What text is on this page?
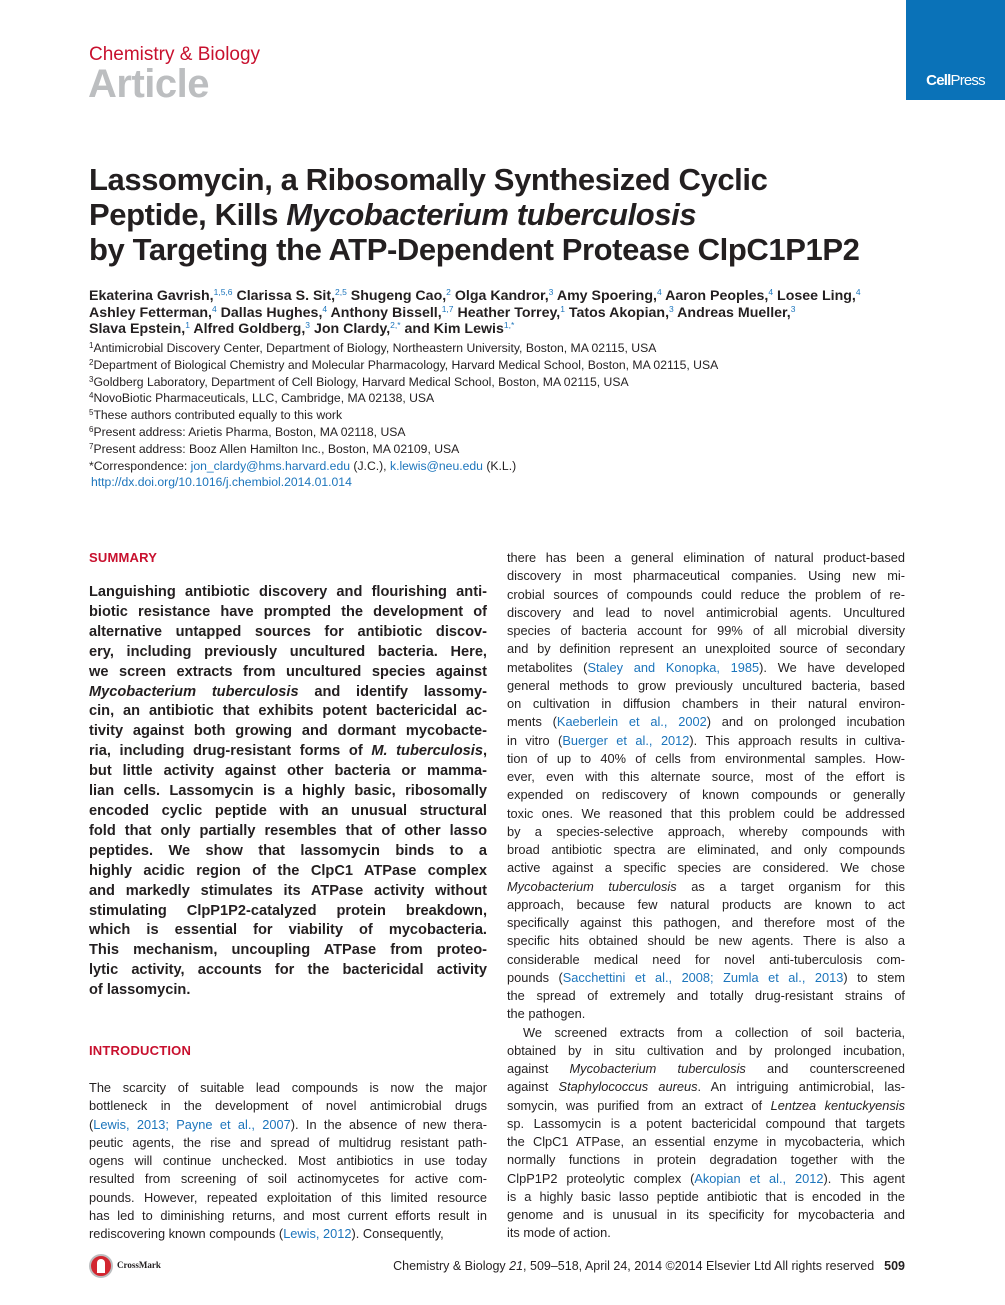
Chemistry & Biology
Article	CellPress
Lassomycin, a Ribosomally Synthesized Cyclic
Peptide, Kills Mycobacterium tuberculosis
by Targeting the ATP-Dependent Protease ClpC1P1P2
Ekaterina Gavrish,$^{1,5,6}$ Clarissa S. Sit,$^{2,5}$ Shugeng Cao,$^2$ Olga Kandror,$^3$ Amy Spoering,$^4$ Aaron Peoples,$^4$ Losee Ling,$^4$
Ashley Fetterman,$^4$ Dallas Hughes,$^4$ Anthony Bissell,$^{1,7}$ Heather Torrey,$^1$ Tatos Akopian,$^3$ Andreas Mueller,$^3$
Slava Epstein,$^1$ Alfred Goldberg,$^3$ Jon Clardy,$^{2,*}$ and Kim Lewis$^{1,*}$
$^1$Antimicrobial Discovery Center, Department of Biology, Northeastern University, Boston, MA 02115, USA
$^2$Department of Biological Chemistry and Molecular Pharmacology, Harvard Medical School, Boston, MA 02115, USA
$^3$Goldberg Laboratory, Department of Cell Biology, Harvard Medical School, Boston, MA 02115, USA
$^4$NovoBiotic Pharmaceuticals, LLC, Cambridge, MA 02138, USA
$^5$These authors contributed equally to this work
$^6$Present address: Arietis Pharma, Boston, MA 02118, USA
$^7$Present address: Booz Allen Hamilton Inc., Boston, MA 02109, USA
*Correspondence: jon_clardy@hms.harvard.edu (J.C.), k.lewis@neu.edu (K.L.)
http://dx.doi.org/10.1016/j.chembiol.2014.01.014
SUMMARY
Languishing antibiotic discovery and flourishing anti-
biotic resistance have prompted the development of
alternative untapped sources for antibiotic discov-
ery, including previously uncultured bacteria. Here,
we screen extracts from uncultured species against
Mycobacterium tuberculosis and identify lassomy-
cin, an antibiotic that exhibits potent bactericidal ac-
tivity against both growing and dormant mycobacte-
ria, including drug-resistant forms of M. tuberculosis,
but little activity against other bacteria or mamma-
lian cells. Lassomycin is a highly basic, ribosomally
encoded cyclic peptide with an unusual structural
fold that only partially resembles that of other lasso
peptides. We show that lassomycin binds to a
highly acidic region of the ClpC1 ATPase complex
and markedly stimulates its ATPase activity without
stimulating ClpP1P2-catalyzed protein breakdown,
which is essential for viability of mycobacteria.
This mechanism, uncoupling ATPase from proteo-
lytic activity, accounts for the bactericidal activity
of lassomycin.
INTRODUCTION
The scarcity of suitable lead compounds is now the major
bottleneck in the development of novel antimicrobial drugs
(Lewis, 2013; Payne et al., 2007). In the absence of new thera-
peutic agents, the rise and spread of multidrug resistant path-
ogens will continue unchecked. Most antibiotics in use today
resulted from screening of soil actinomycetes for active com-
pounds. However, repeated exploitation of this limited resource
has led to diminishing returns, and most current efforts result in
rediscovering known compounds (Lewis, 2012). Consequently,
there has been a general elimination of natural product-based
discovery in most pharmaceutical companies. Using new mi-
crobial sources of compounds could reduce the problem of re-
discovery and lead to novel antimicrobial agents. Uncultured
species of bacteria account for 99% of all microbial diversity
and by definition represent an unexploited source of secondary
metabolites (Staley and Konopka, 1985). We have developed
general methods to grow previously uncultured bacteria, based
on cultivation in diffusion chambers in their natural environ-
ments (Kaeberlein et al., 2002) and on prolonged incubation
in vitro (Buerger et al., 2012). This approach results in cultiva-
tion of up to 40% of cells from environmental samples. How-
ever, even with this alternate source, most of the effort is
expended on rediscovery of known compounds or generally
toxic ones. We reasoned that this problem could be addressed
by a species-selective approach, whereby compounds with
broad antibiotic spectra are eliminated, and only compounds
active against a specific species are considered. We chose
Mycobacterium tuberculosis as a target organism for this
approach, because few natural products are known to act
specifically against this pathogen, and therefore most of the
specific hits obtained should be new agents. There is also a
considerable medical need for novel anti-tuberculosis com-
pounds (Sacchettini et al., 2008; Zumla et al., 2013) to stem
the spread of extremely and totally drug-resistant strains of
the pathogen.
We screened extracts from a collection of soil bacteria,
obtained by in situ cultivation and by prolonged incubation,
against Mycobacterium tuberculosis and counterscreened
against Staphylococcus aureus. An intriguing antimicrobial, las-
somycin, was purified from an extract of Lentzea kentuckyensis
sp. Lassomycin is a potent bactericidal compound that targets
the ClpC1 ATPase, an essential enzyme in mycobacteria, which
normally functions in protein degradation together with the
ClpP1P2 proteolytic complex (Akopian et al., 2012). This agent
is a highly basic lasso peptide antibiotic that is encoded in the
genome and is unusual in its specificity for mycobacteria and
its mode of action.
CrossMark	Chemistry & Biology 21, 509–518, April 24, 2014 ©2014 Elsevier Ltd All rights reserved 509
